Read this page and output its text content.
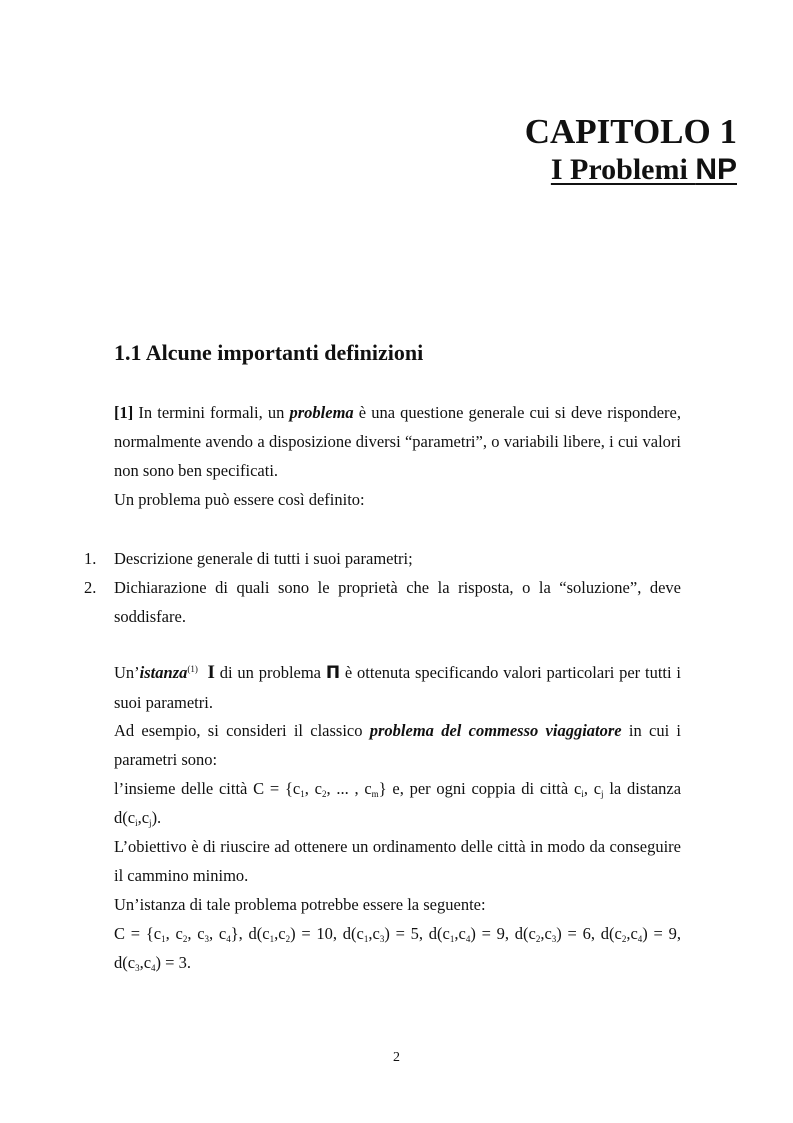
CAPITOLO 1
I Problemi NP
1.1 Alcune importanti definizioni
[1] In termini formali, un problema è una questione generale cui si deve rispondere, normalmente avendo a disposizione diversi “parametri”, o variabili libere, i cui valori non sono ben specificati.
Un problema può essere così definito:
1.	Descrizione generale di tutti i suoi parametri;
2.	Dichiarazione di quali sono le proprietà che la risposta, o la “soluzione”, deve soddisfare.
Un’istanza$^{(1)}$ I di un problema Π è ottenuta specificando valori particolari per tutti i suoi parametri.
Ad esempio, si consideri il classico problema del commesso viaggiatore in cui i parametri sono:
l’insieme delle città $C = \{c_1$, $c_2$, ... , $c_m$} e, per ogni coppia di città $c_i$, $c_j$ la distanza $d(c_i,c_j)$.
L’obiettivo è di riuscire ad ottenere un ordinamento delle città in modo da conseguire il cammino minimo.
Un’istanza di tale problema potrebbe essere la seguente:
$C = \{c_1$, $c_2$, $c_3$, $c_4$}, $d(c_1,c_2) = 10$, $d(c_1,c_3) = 5$, $d(c_1,c_4) = 9$, $d(c_2,c_3) = 6$, $d(c_2,c_4) = 9$, $d(c_3,c_4) = 3$.
2
